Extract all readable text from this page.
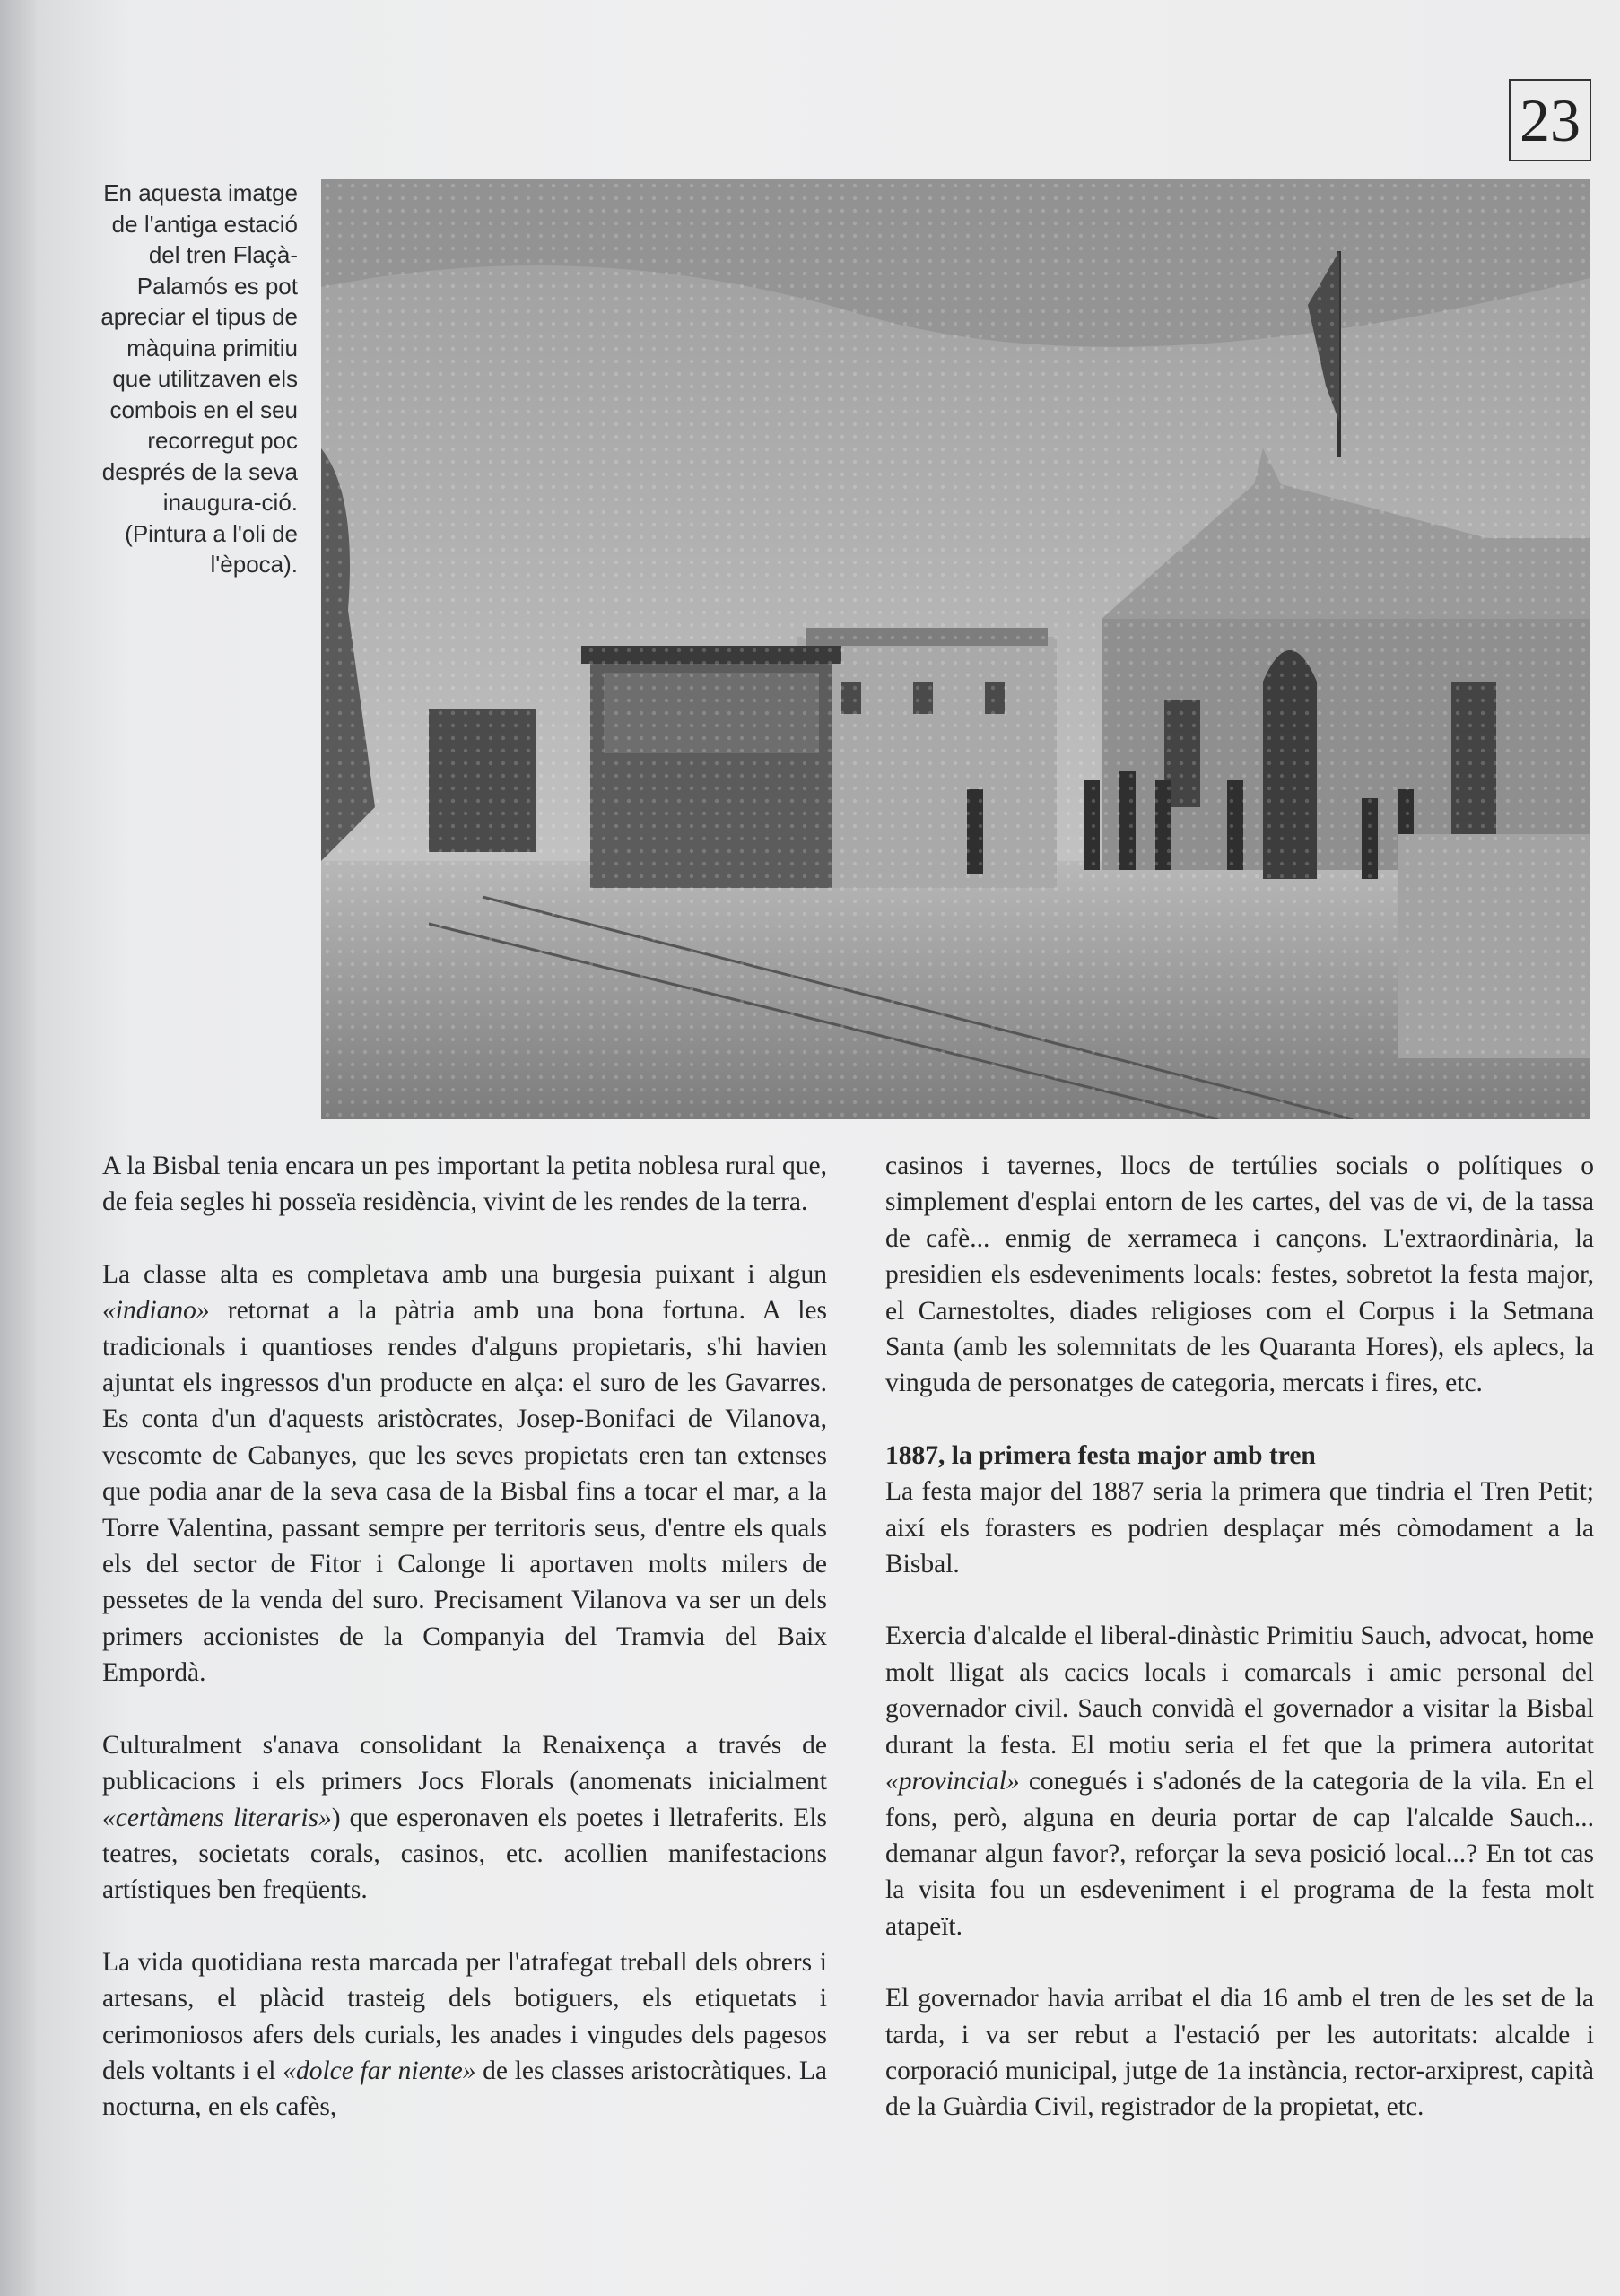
23
En aquesta imatge de l'antiga estació del tren Flaçà-Palamós es pot apreciar el tipus de màquina primitiu que utilitzaven els combois en el seu recorregut poc després de la seva inaugura-ció. (Pintura a l'oli de l'època).

A la Bisbal tenia encara un pes important la petita noblesa rural que, de feia segles hi posseïa residència, vivint de les rendes de la terra.

La classe alta es completava amb una burgesia puixant i algun «indiano» retornat a la pàtria amb una bona fortuna. A les tradicionals i quantioses rendes d'alguns propietaris, s'hi havien ajuntat els ingressos d'un producte en alça: el suro de les Gavarres. Es conta d'un d'aquests aristòcrates, Josep-Bonifaci de Vilanova, vescomte de Cabanyes, que les seves propietats eren tan extenses que podia anar de la seva casa de la Bisbal fins a tocar el mar, a la Torre Valentina, passant sempre per territoris seus, d'entre els quals els del sector de Fitor i Calonge li aportaven molts milers de pessetes de la venda del suro. Precisament Vilanova va ser un dels primers accionistes de la Companyia del Tramvia del Baix Empordà.

Culturalment s'anava consolidant la Renaixença a través de publicacions i els primers Jocs Florals (anomenats inicialment «certàmens literaris») que esperonaven els poetes i lletraferits. Els teatres, societats corals, casinos, etc. acollien manifestacions artístiques ben freqüents.

La vida quotidiana resta marcada per l'atrafegat treball dels obrers i artesans, el plàcid trasteig dels botiguers, els etiquetats i cerimoniosos afers dels curials, les anades i vingudes dels pagesos dels voltants i el «dolce far niente» de les classes aristocràtiques. La nocturna, en els cafès,

casinos i tavernes, llocs de tertúlies socials o polítiques o simplement d'esplai entorn de les cartes, del vas de vi, de la tassa de cafè... enmig de xerrameca i cançons. L'extraordinària, la presidien els esdeveniments locals: festes, sobretot la festa major, el Carnestoltes, diades religioses com el Corpus i la Setmana Santa (amb les solemnitats de les Quaranta Hores), els aplecs, la vinguda de personatges de categoria, mercats i fires, etc.

1887, la primera festa major amb tren

La festa major del 1887 seria la primera que tindria el Tren Petit; així els forasters es podrien desplaçar més còmodament a la Bisbal.

Exercia d'alcalde el liberal-dinàstic Primitiu Sauch, advocat, home molt lligat als cacics locals i comarcals i amic personal del governador civil. Sauch convidà el governador a visitar la Bisbal durant la festa. El motiu seria el fet que la primera autoritat «provincial» conegués i s'adonés de la categoria de la vila. En el fons, però, alguna en deuria portar de cap l'alcalde Sauch... demanar algun favor?, reforçar la seva posició local...? En tot cas la visita fou un esdeveniment i el programa de la festa molt atapeït.

El governador havia arribat el dia 16 amb el tren de les set de la tarda, i va ser rebut a l'estació per les autoritats: alcalde i corporació municipal, jutge de 1a instància, rector-arxiprest, capità de la Guàrdia Civil, registrador de la propietat, etc.
